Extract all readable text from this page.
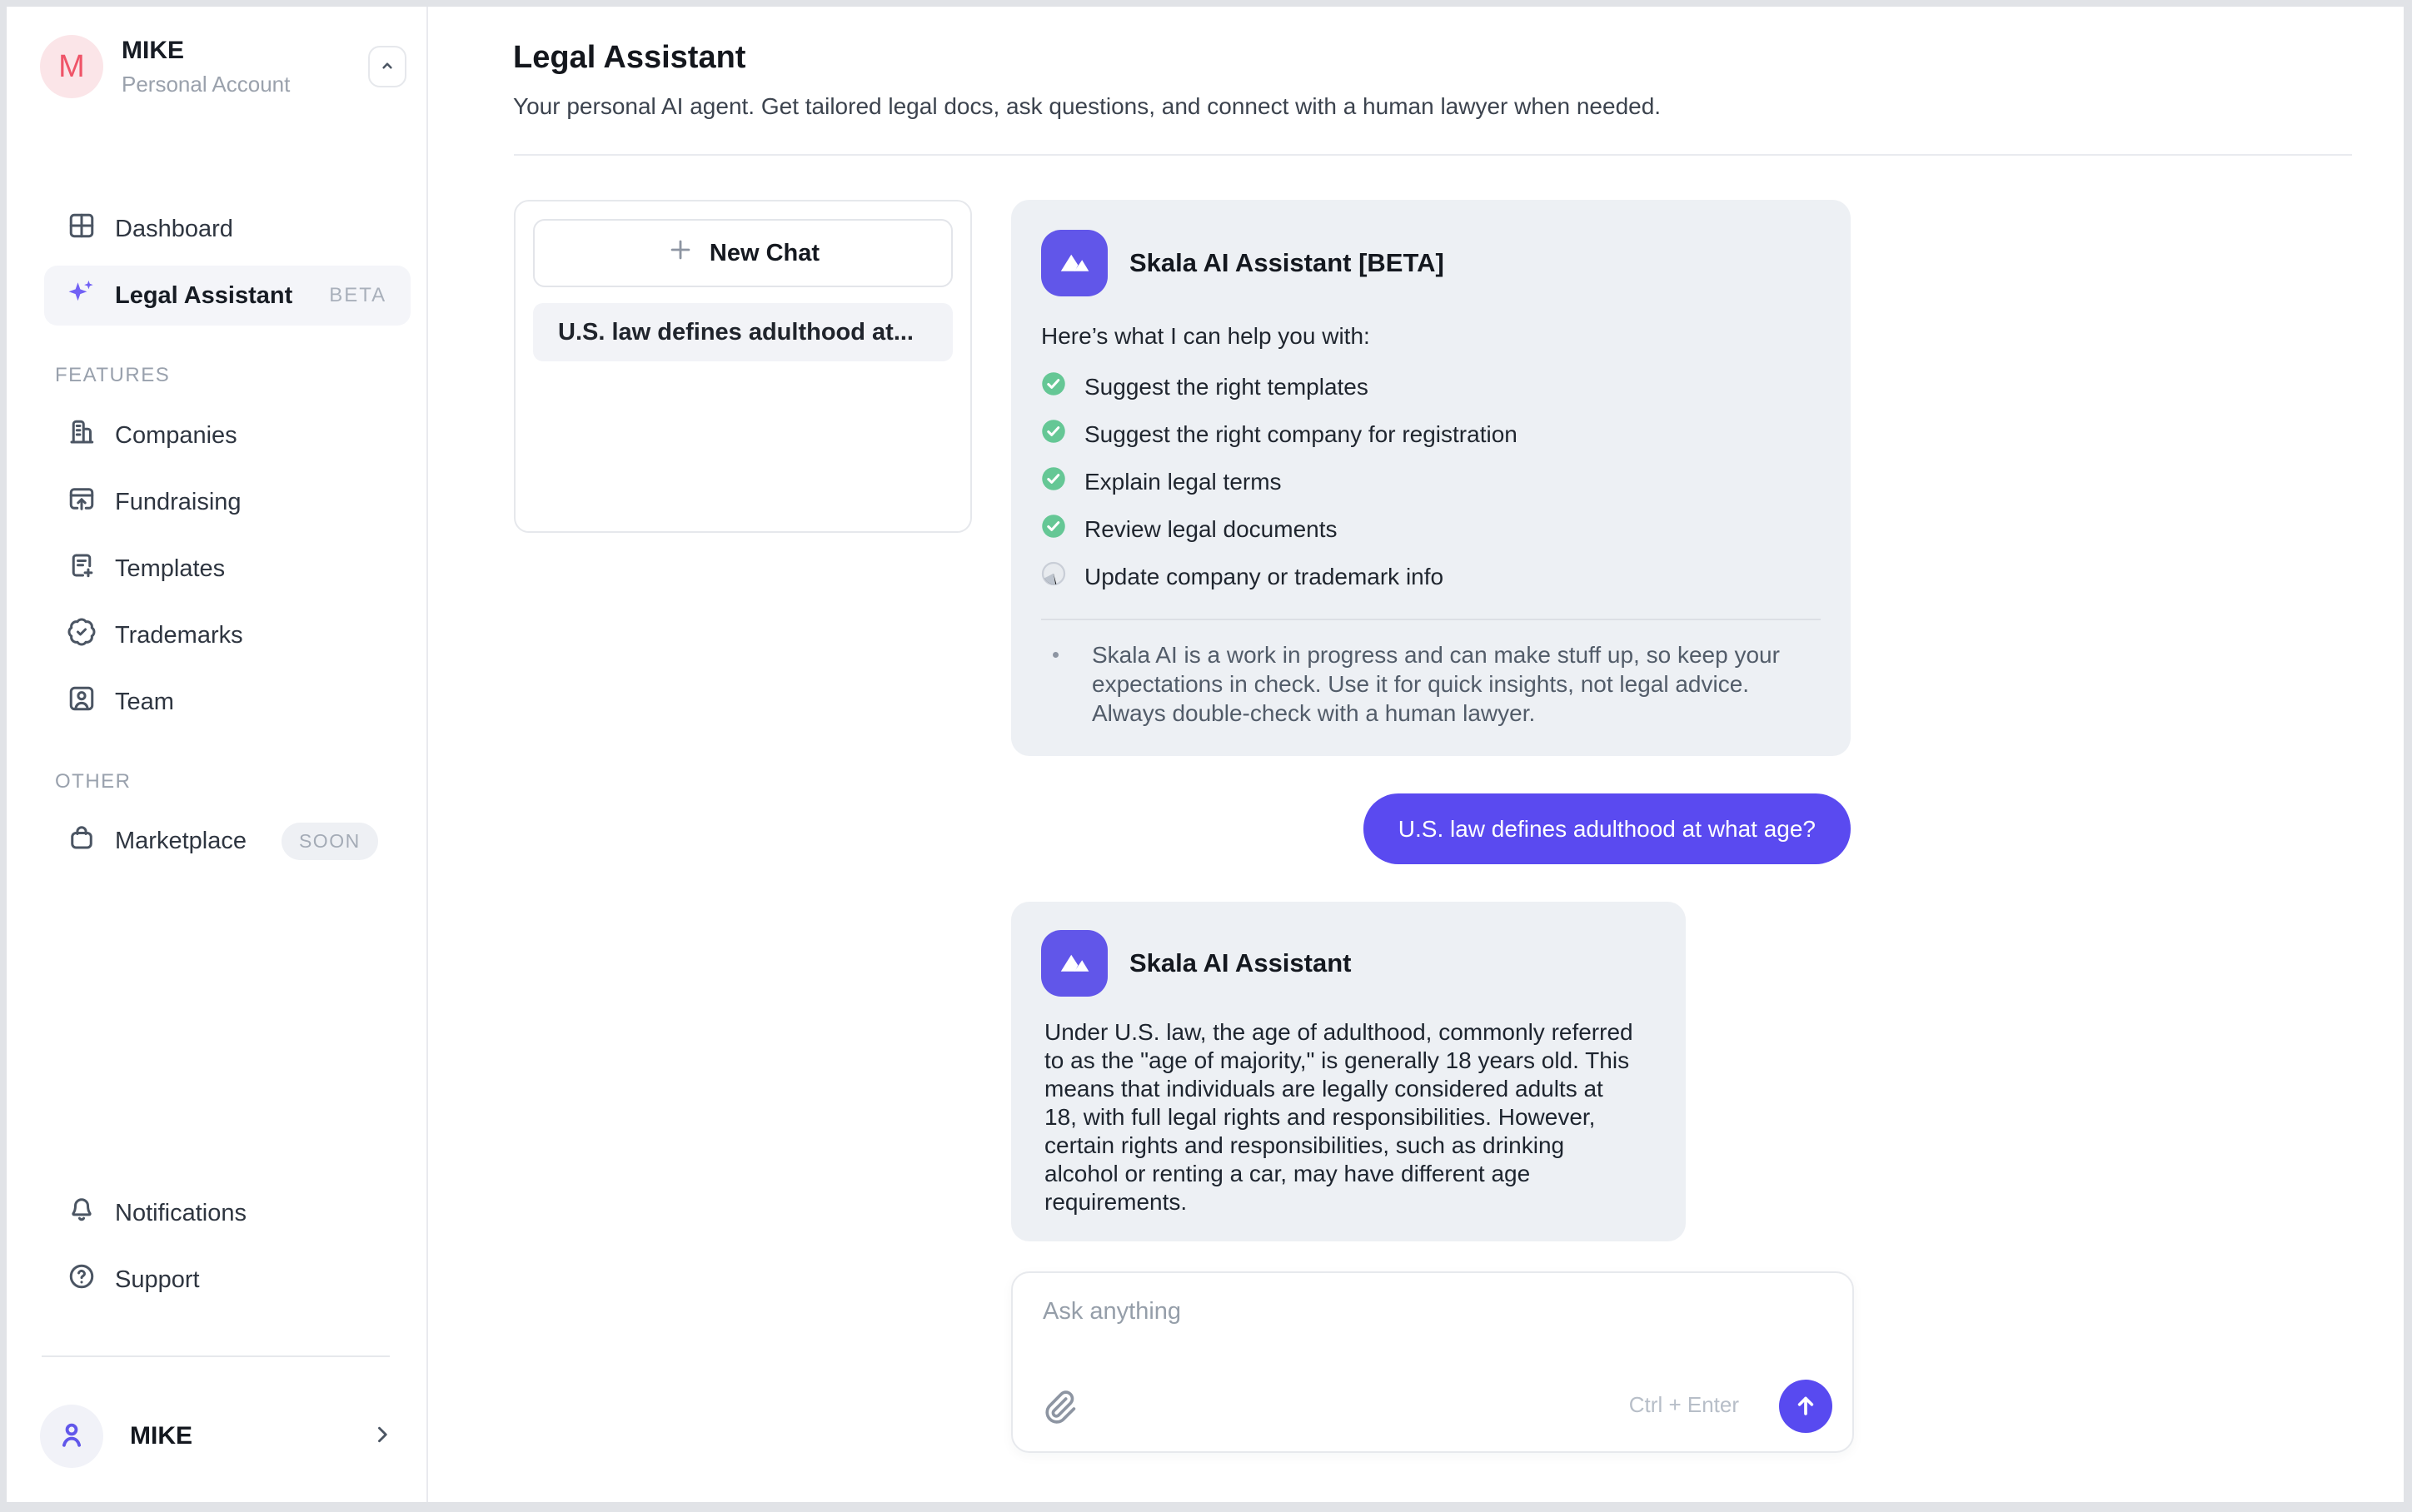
M MIKE
Personal Account
Dashboard
Legal Assistant BETA
FEATURES
Companies
Fundraising
Templates
Trademarks
Team
OTHER
Marketplace	SOON
Notifications
Support
MIKE
Legal Assistant

Your personal AI agent. Get tailored legal docs, ask questions, and connect with a human lawyer when needed.

New Chat
U.S. law defines adulthood at...
Skala AI Assistant [BETA]
Here’s what I can help you with:
Suggest the right templates
Suggest the right company for registration
Explain legal terms
Review legal documents
Update company or trademark info

Skala AI is a work in progress and can make stuff up, so keep your expectations in check. Use it for quick insights, not legal advice. Always double-check with a human lawyer.

U.S. law defines adulthood at what age?
Skala AI Assistant

Under U.S. law, the age of adulthood, commonly referred to as the "age of majority," is generally 18 years old. This means that individuals are legally considered adults at 18, with full legal rights and responsibilities. However, certain rights and responsibilities, such as drinking alcohol or renting a car, may have different age requirements.

Ask anything
Ctrl + Enter
